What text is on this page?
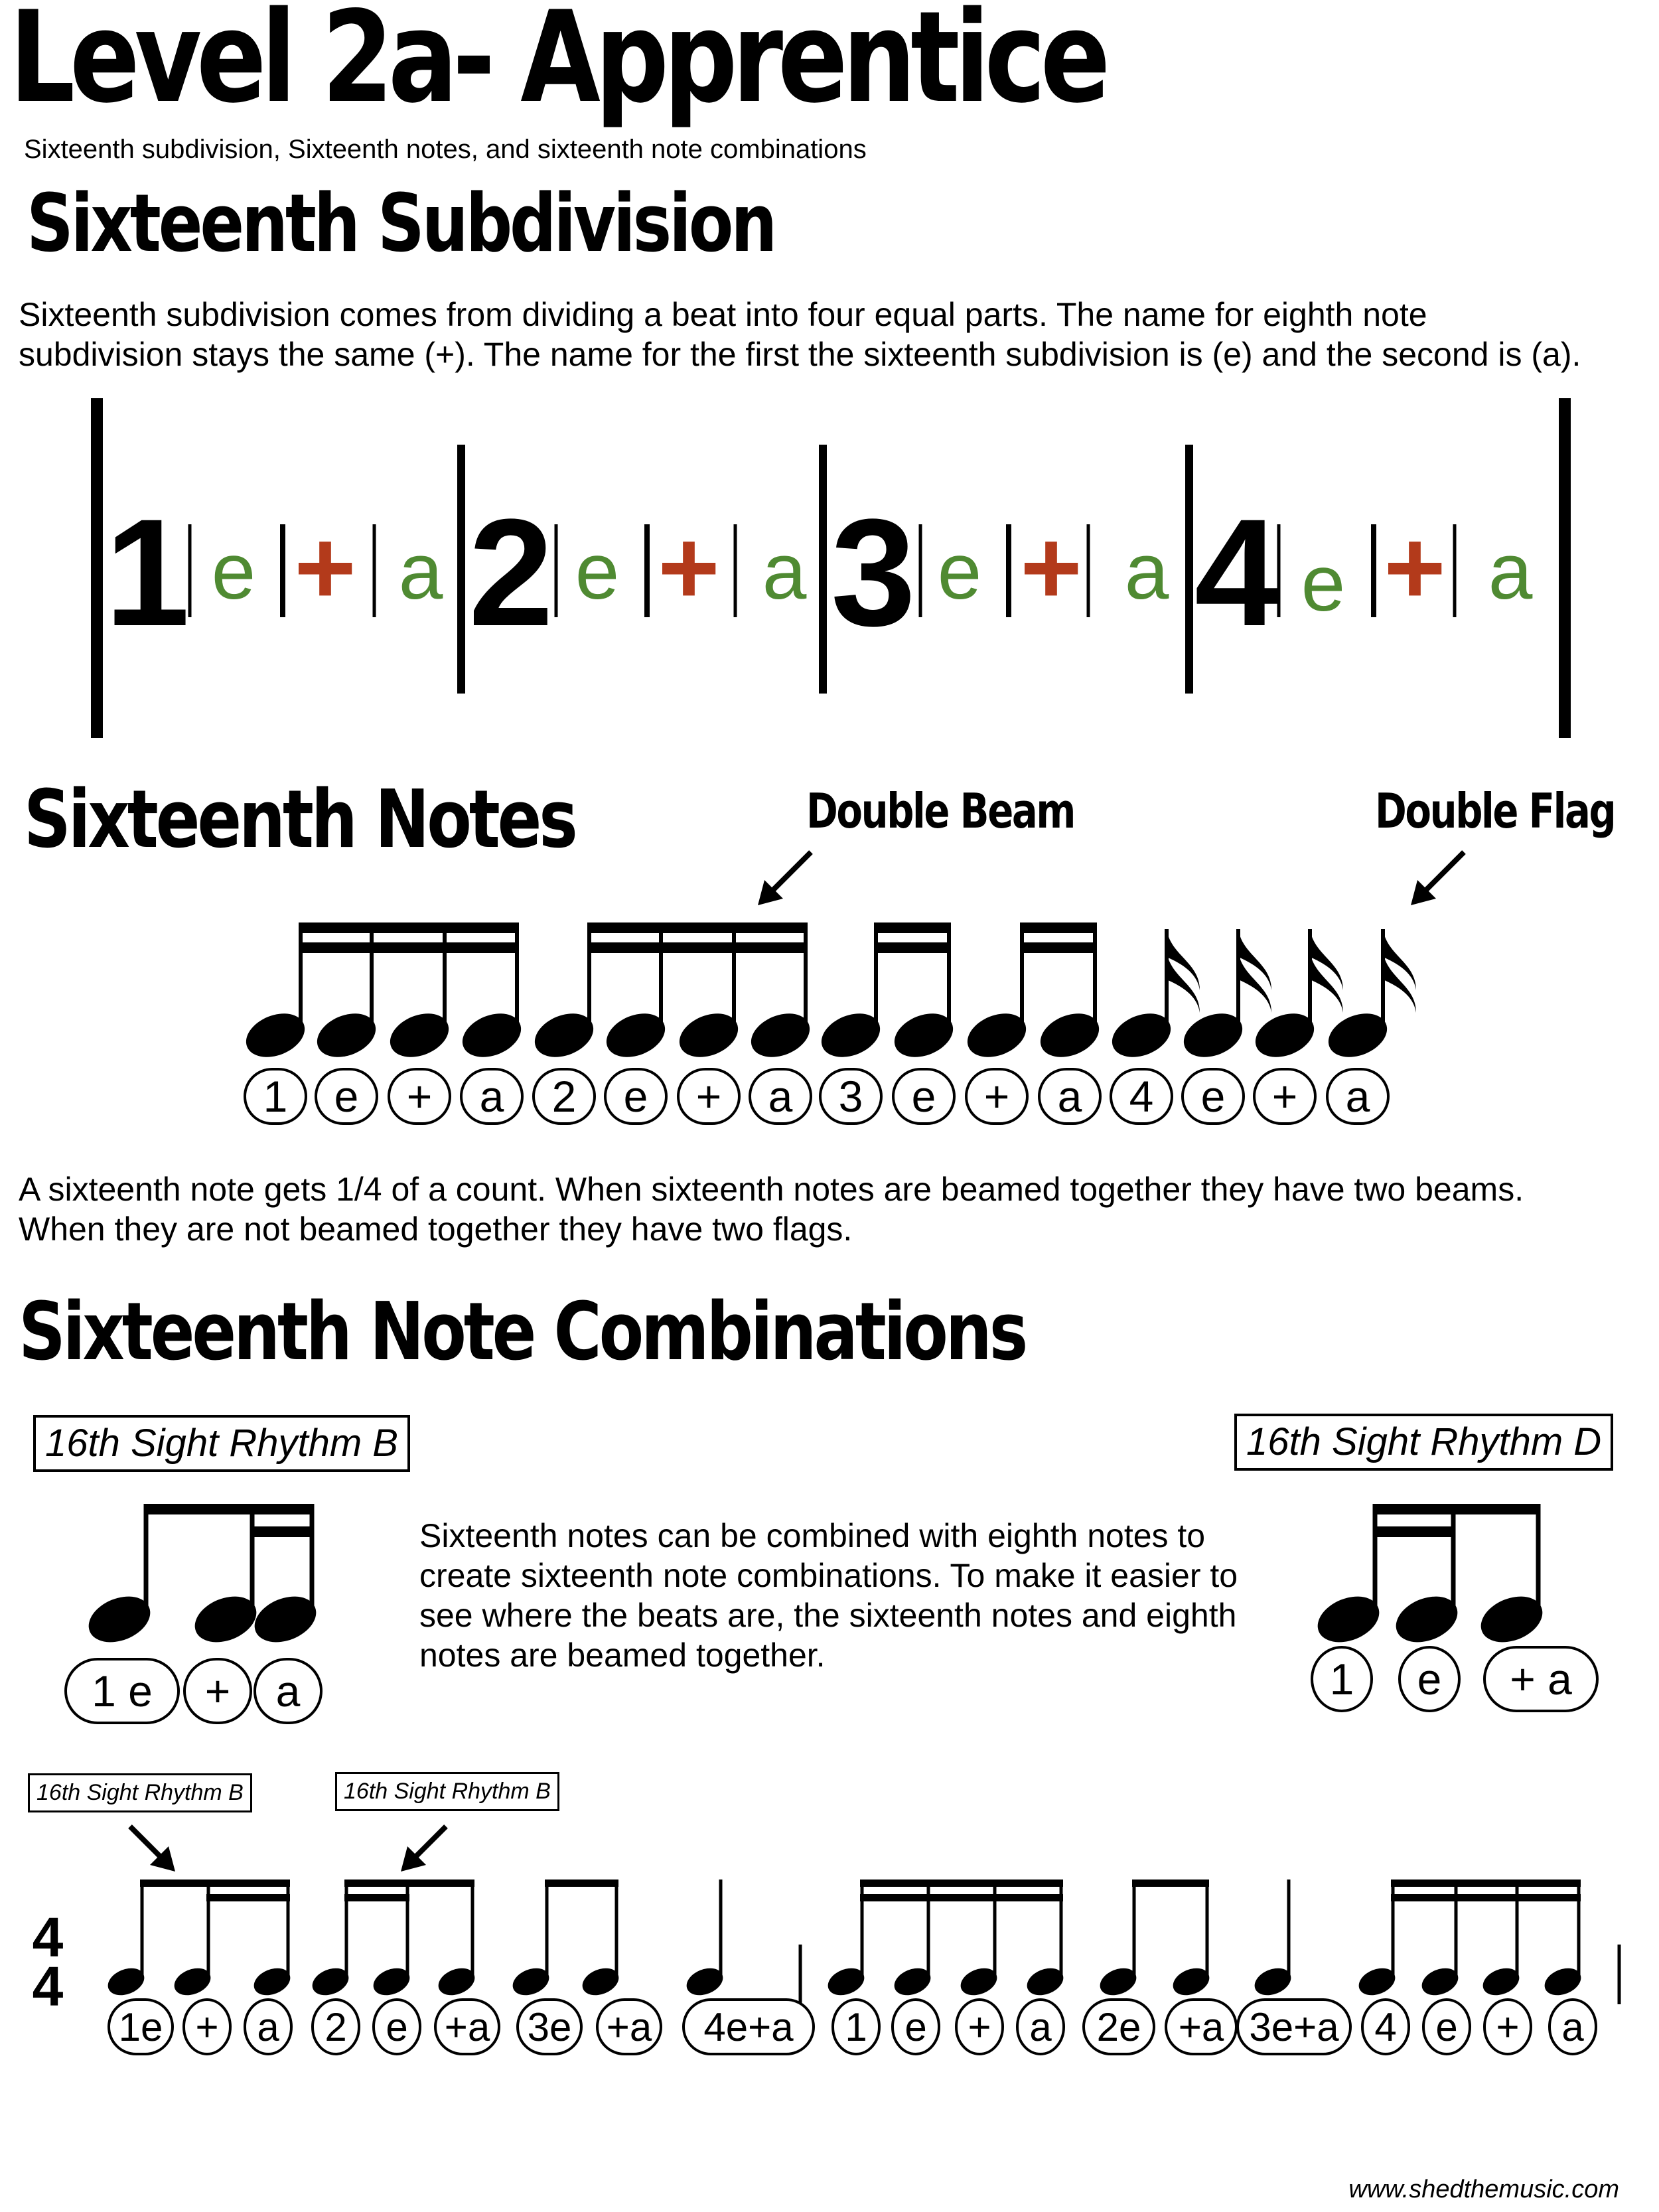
Level 2a- Apprentice
Sixteenth subdivision, Sixteenth notes, and sixteenth note combinations
Sixteenth Subdivision
Sixteenth subdivision comes from dividing a beat into four equal parts. The name for eighth note
subdivision stays the same (+). The name for the first the sixteenth subdivision is (e) and the second is (a).
1 e + a 2 e + a 3 e + a 4 e + a
Sixteenth Notes	Double Beam	Double Flag
1 e + a 2 e + a 3 e + a 4 e + a
A sixteenth note gets 1/4 of a count. When sixteenth notes are beamed together they have two beams.
When they are not beamed together they have two flags.
Sixteenth Note Combinations
16th Sight Rhythm B	16th Sight Rhythm D
Sixteenth notes can be combined with eighth notes to
create sixteenth note combinations. To make it easier to
see where the beats are, the sixteenth notes and eighth
notes are beamed together.
1 e + a	1 e + a
16th Sight Rhythm B	16th Sight Rhythm B
4
4
1e + a 2 e +a 3e +a 4e+a 1 e + a 2e +a 3e+a 4 e + a
www.shedthemusic.com
